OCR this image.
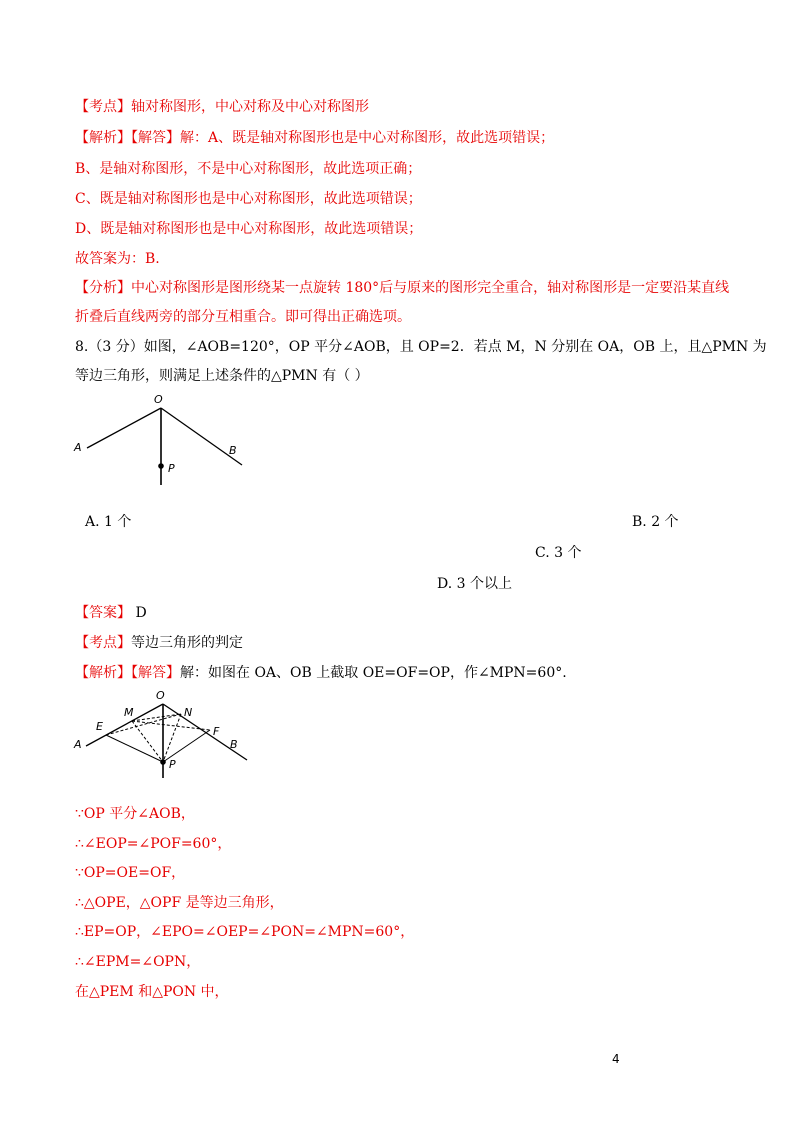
【考点】轴对称图形，中心对称及中心对称图形
【解析】【解答】解：A、既是轴对称图形也是中心对称图形，故此选项错误；
B、是轴对称图形，不是中心对称图形，故此选项正确；
C、既是轴对称图形也是中心对称图形，故此选项错误；
D、既是轴对称图形也是中心对称图形，故此选项错误；
故答案为：B.
【分析】中心对称图形是图形绕某一点旋转 180°后与原来的图形完全重合，轴对称图形是一定要沿某直线
折叠后直线两旁的部分互相重合。即可得出正确选项。
8.（3 分）如图，∠AOB=120°，OP 平分∠AOB，且 OP=2．若点 M，N 分别在 OA，OB 上，且△PMN 为
等边三角形，则满足上述条件的△PMN 有（ ）
O
A	B
P
A. 1 个	B. 2 个
C. 3 个
D. 3 个以上
【答案】 D
【考点】等边三角形的判定
【解析】【解答】解：如图在 OA、OB 上截取 OE=OF=OP，作∠MPN=60°.
O
M	N
E	F
A	B
P
∵OP 平分∠AOB，
∴∠EOP=∠POF=60°，
∵OP=OE=OF，
∴△OPE，△OPF 是等边三角形，
∴EP=OP，∠EPO=∠OEP=∠PON=∠MPN=60°，
∴∠EPM=∠OPN，
在△PEM 和△PON 中，
4
